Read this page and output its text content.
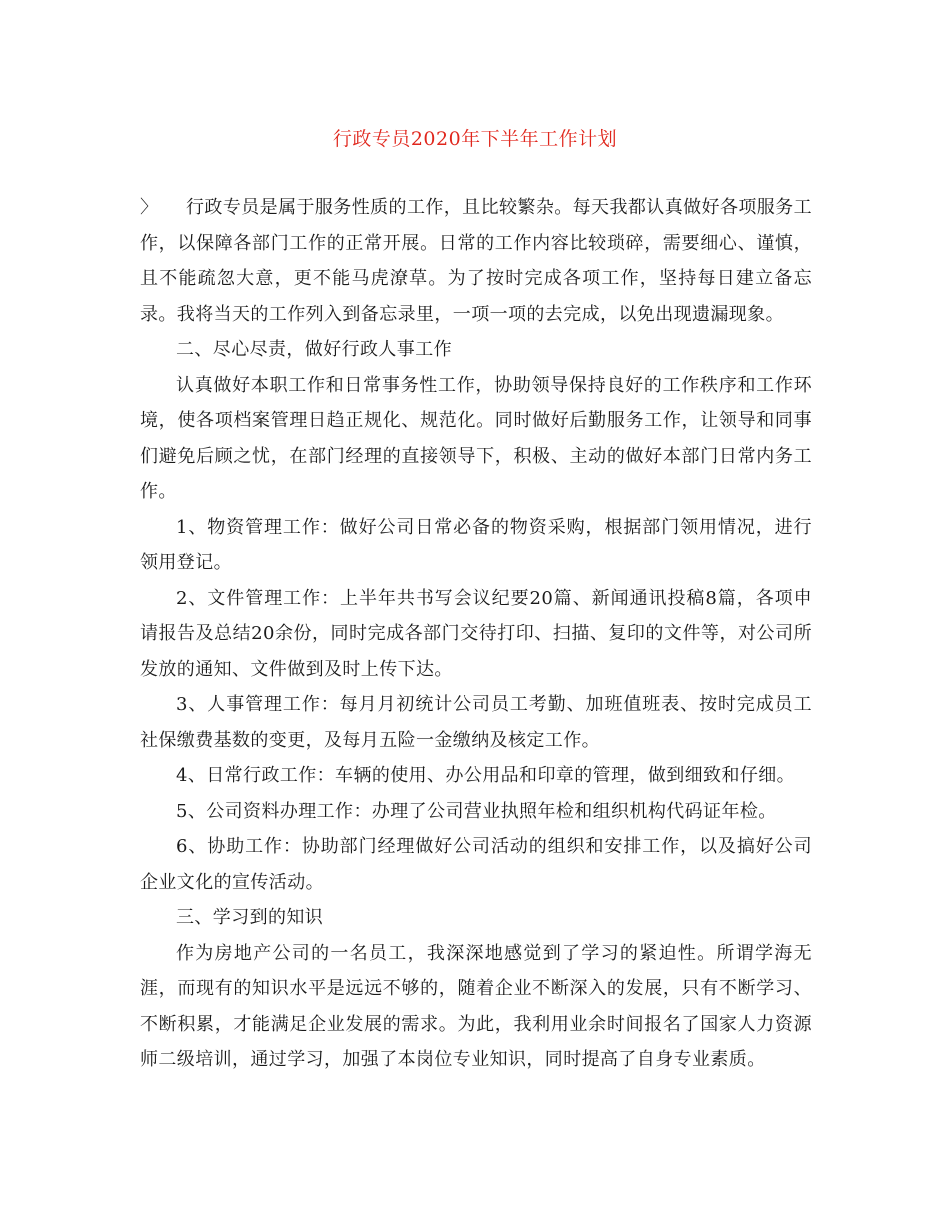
行政专员2020年下半年工作计划

〉 行政专员是属于服务性质的工作，且比较繁杂。每天我都认真做好各项服务工作，以保障各部门工作的正常开展。日常的工作内容比较琐碎，需要细心、谨慎，且不能疏忽大意，更不能马虎潦草。为了按时完成各项工作，坚持每日建立备忘录。我将当天的工作列入到备忘录里，一项一项的去完成，以免出现遗漏现象。

二、尽心尽责，做好行政人事工作

认真做好本职工作和日常事务性工作，协助领导保持良好的工作秩序和工作环境，使各项档案管理日趋正规化、规范化。同时做好后勤服务工作，让领导和同事们避免后顾之忧，在部门经理的直接领导下，积极、主动的做好本部门日常内务工作。

1、物资管理工作：做好公司日常必备的物资采购，根据部门领用情况，进行领用登记。

2、文件管理工作：上半年共书写会议纪要20篇、新闻通讯投稿8篇，各项申请报告及总结20余份，同时完成各部门交待打印、扫描、复印的文件等，对公司所发放的通知、文件做到及时上传下达。

3、人事管理工作：每月月初统计公司员工考勤、加班值班表、按时完成员工社保缴费基数的变更，及每月五险一金缴纳及核定工作。

4、日常行政工作：车辆的使用、办公用品和印章的管理，做到细致和仔细。

5、公司资料办理工作：办理了公司营业执照年检和组织机构代码证年检。

6、协助工作：协助部门经理做好公司活动的组织和安排工作，以及搞好公司企业文化的宣传活动。

三、学习到的知识

作为房地产公司的一名员工，我深深地感觉到了学习的紧迫性。所谓学海无涯，而现有的知识水平是远远不够的，随着企业不断深入的发展，只有不断学习、不断积累，才能满足企业发展的需求。为此，我利用业余时间报名了国家人力资源师二级培训，通过学习，加强了本岗位专业知识，同时提高了自身专业素质。
